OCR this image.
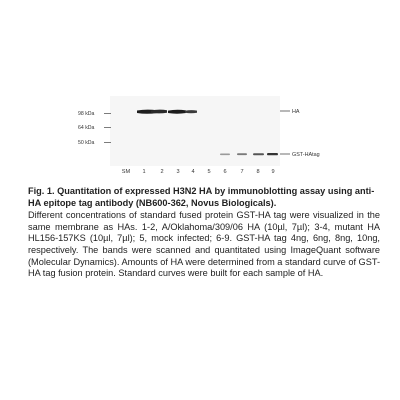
98 kDa
64 kDa
50 kDa
HA
GST-HAtag
SM 1	2 3 4 5 6 7 8 9
Fig. 1. Quantitation of expressed H3N2 HA by immunoblotting assay using anti-HA epitope tag antibody (NB600-362, Novus Biologicals).
Different concentrations of standard fused protein GST-HA tag were visualized in the same membrane as HAs. 1-2, A/Oklahoma/309/06 HA (10µl, 7µl); 3-4, mutant HA HL156-157KS (10µl, 7µl); 5, mock infected; 6-9. GST-HA tag 4ng, 6ng, 8ng, 10ng, respectively. The bands were scanned and quantitated using ImageQuant software (Molecular Dynamics). Amounts of HA were determined from a standard curve of GST-HA tag fusion protein. Standard curves were built for each sample of HA.
